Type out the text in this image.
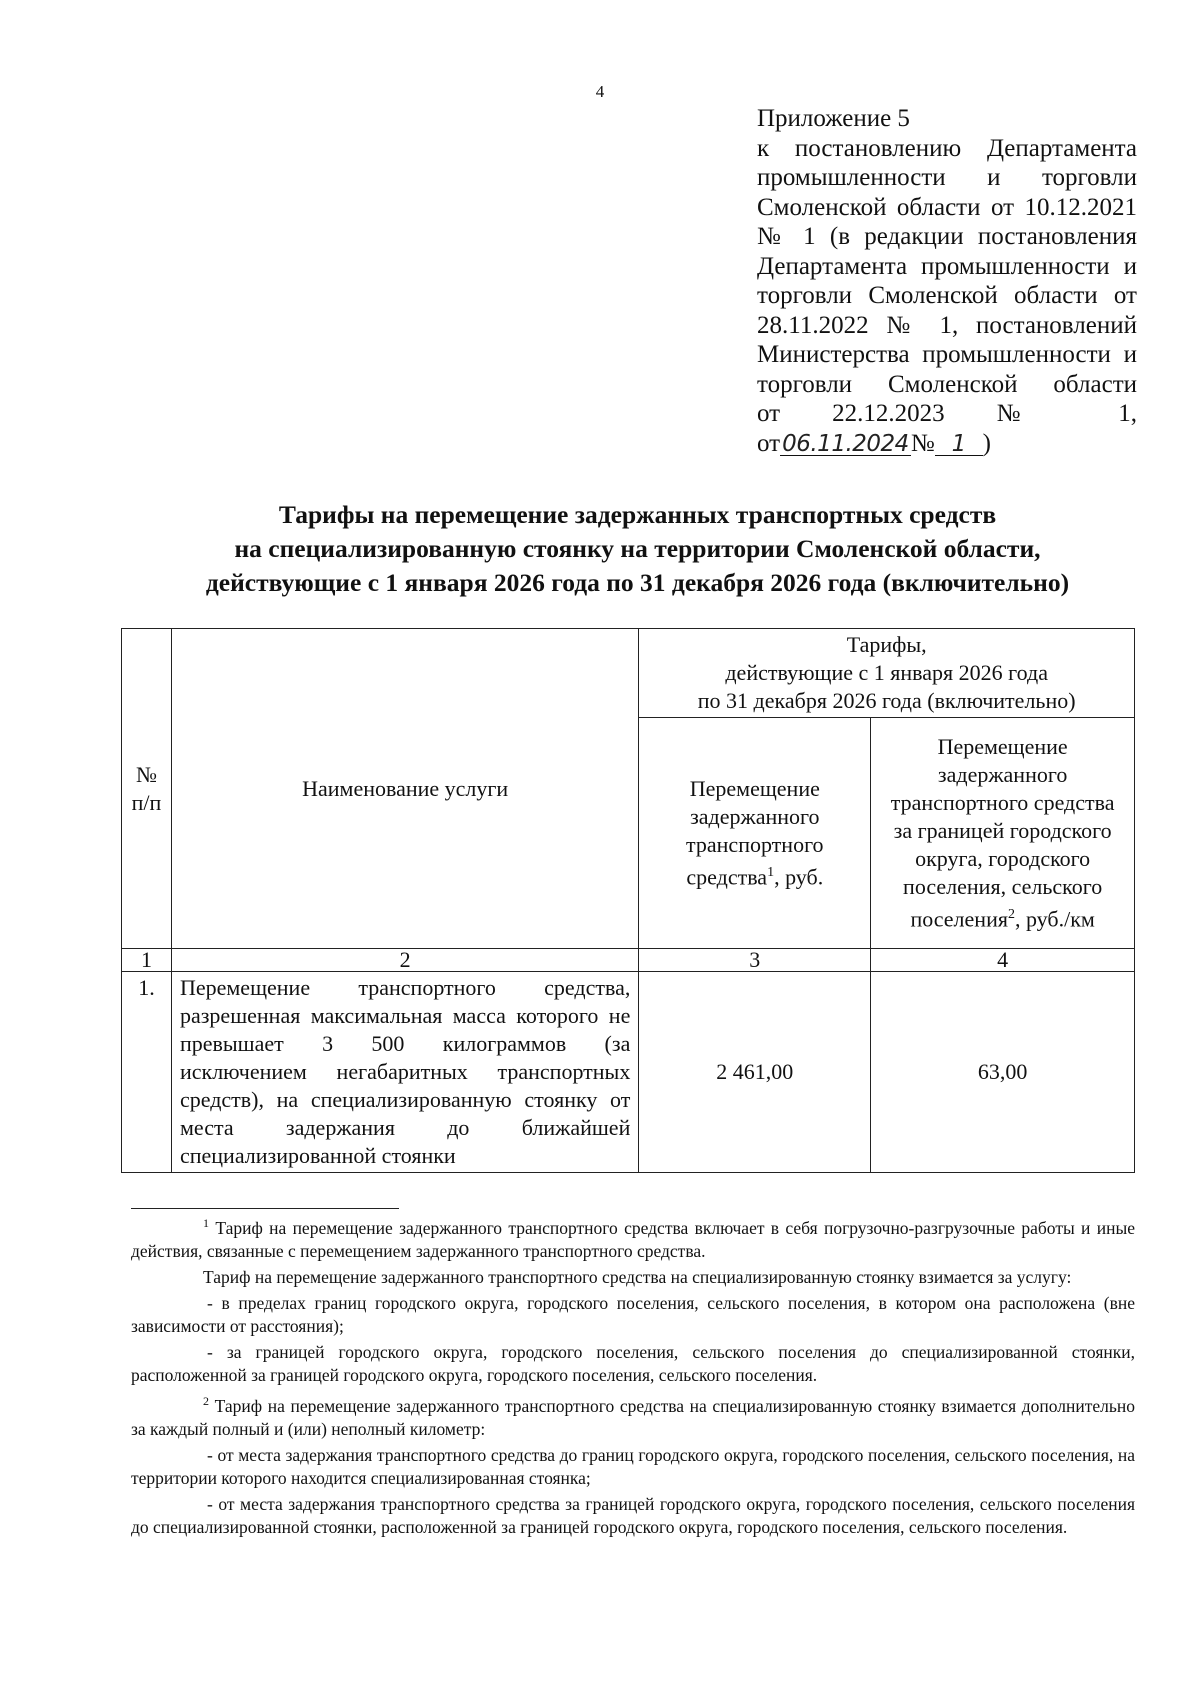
4
Приложение 5
к постановлению Департамента
промышленности и торговли
Смоленской области от 10.12.2021
№ 1 (в редакции постановления
Департамента промышленности и
торговли Смоленской области от
28.11.2022 № 1, постановлений
Министерства промышленности и
торговли Смоленской области
от 22.12.2023 № 1,
от06.11.2024№ 1 )
Тарифы на перемещение задержанных транспортных средств
на специализированную стоянку на территории Смоленской области,
действующие с 1 января 2026 года по 31 декабря 2026 года (включительно)
№ п/п	Наименование услуги	Тарифы,
действующие с 1 января 2026 года
по 31 декабря 2026 года (включительно)	

		Перемещение задержанного транспортного средства$^1$, руб.	Перемещение задержанного транспортного средства за границей городского округа, городского поселения, сельского поселения$^2$, руб./км
1	2	3	4
1.	Перемещение транспортного средства, разрешенная максимальная масса которого не превышает 3 500 килограммов (за исключением негабаритных транспортных средств), на специализированную стоянку от места задержания до ближайшей специализированной стоянки	2 461,00	63,00

$^1$ Тариф на перемещение задержанного транспортного средства включает в себя погрузочно-разгрузочные работы и иные действия, связанные с перемещением задержанного транспортного средства.

Тариф на перемещение задержанного транспортного средства на специализированную стоянку взимается за услугу:

- в пределах границ городского округа, городского поселения, сельского поселения, в котором она расположена (вне зависимости от расстояния);

- за границей городского округа, городского поселения, сельского поселения до специализированной стоянки, расположенной за границей городского округа, городского поселения, сельского поселения.

$^2$ Тариф на перемещение задержанного транспортного средства на специализированную стоянку взимается дополнительно за каждый полный и (или) неполный километр:

- от места задержания транспортного средства до границ городского округа, городского поселения, сельского поселения, на территории которого находится специализированная стоянка;

- от места задержания транспортного средства за границей городского округа, городского поселения, сельского поселения до специализированной стоянки, расположенной за границей городского округа, городского поселения, сельского поселения.
